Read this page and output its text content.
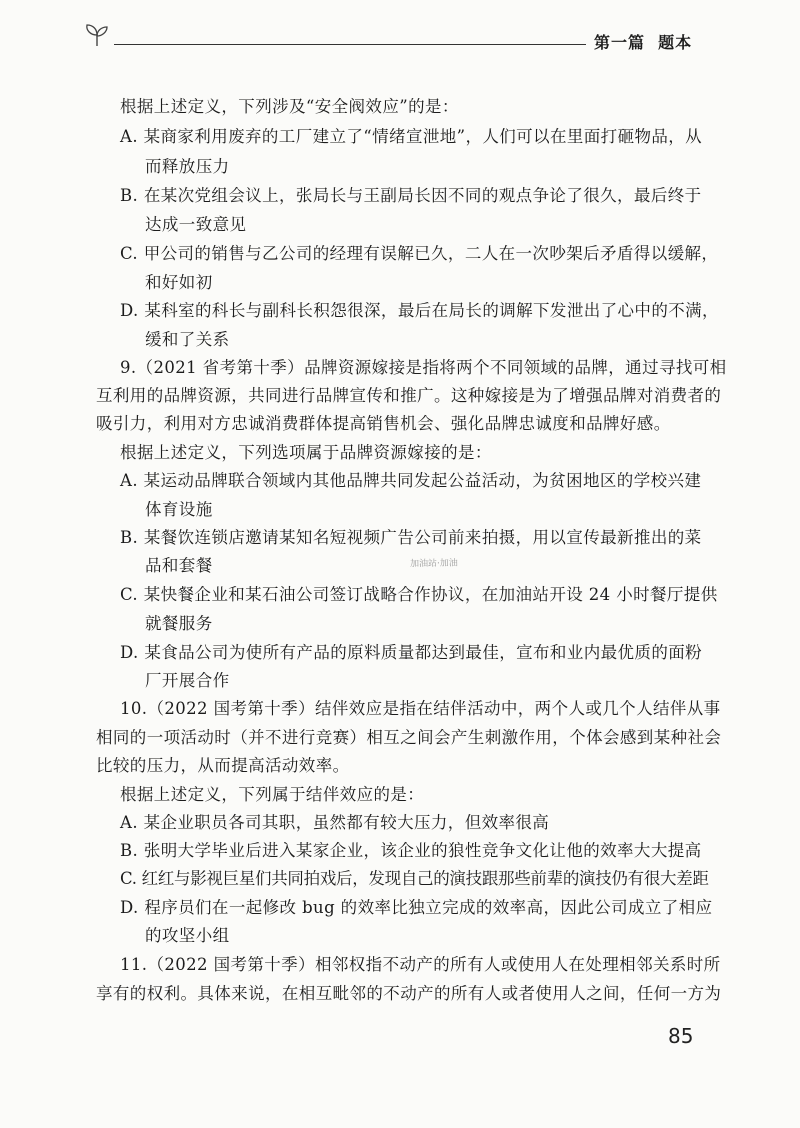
第一篇  题本
根据上述定义，下列涉及“安全阀效应”的是：
A. 某商家利用废弃的工厂建立了“情绪宣泄地”，人们可以在里面打砸物品，从
而释放压力
B. 在某次党组会议上，张局长与王副局长因不同的观点争论了很久，最后终于
达成一致意见
C. 甲公司的销售与乙公司的经理有误解已久，二人在一次吵架后矛盾得以缓解，
和好如初
D. 某科室的科长与副科长积怨很深，最后在局长的调解下发泄出了心中的不满，
缓和了关系
9.（2021 省考第十季）品牌资源嫁接是指将两个不同领域的品牌，通过寻找可相
互利用的品牌资源，共同进行品牌宣传和推广。这种嫁接是为了增强品牌对消费者的
吸引力，利用对方忠诚消费群体提高销售机会、强化品牌忠诚度和品牌好感。
根据上述定义，下列选项属于品牌资源嫁接的是：
A. 某运动品牌联合领域内其他品牌共同发起公益活动，为贫困地区的学校兴建
体育设施
B. 某餐饮连锁店邀请某知名短视频广告公司前来拍摄，用以宣传最新推出的菜
品和套餐
C. 某快餐企业和某石油公司签订战略合作协议，在加油站开设 24 小时餐厅提供
就餐服务
D. 某食品公司为使所有产品的原料质量都达到最佳，宣布和业内最优质的面粉
厂开展合作
10.（2022 国考第十季）结伴效应是指在结伴活动中，两个人或几个人结伴从事
相同的一项活动时（并不进行竞赛）相互之间会产生刺激作用，个体会感到某种社会
比较的压力，从而提高活动效率。
根据上述定义，下列属于结伴效应的是：
A. 某企业职员各司其职，虽然都有较大压力，但效率很高
B. 张明大学毕业后进入某家企业，该企业的狼性竞争文化让他的效率大大提高
C. 红红与影视巨星们共同拍戏后，发现自己的演技跟那些前辈的演技仍有很大差距
D. 程序员们在一起修改 bug 的效率比独立完成的效率高，因此公司成立了相应
的攻坚小组
11.（2022 国考第十季）相邻权指不动产的所有人或使用人在处理相邻关系时所
享有的权利。具体来说，在相互毗邻的不动产的所有人或者使用人之间，任何一方为
加油站·加油
85
